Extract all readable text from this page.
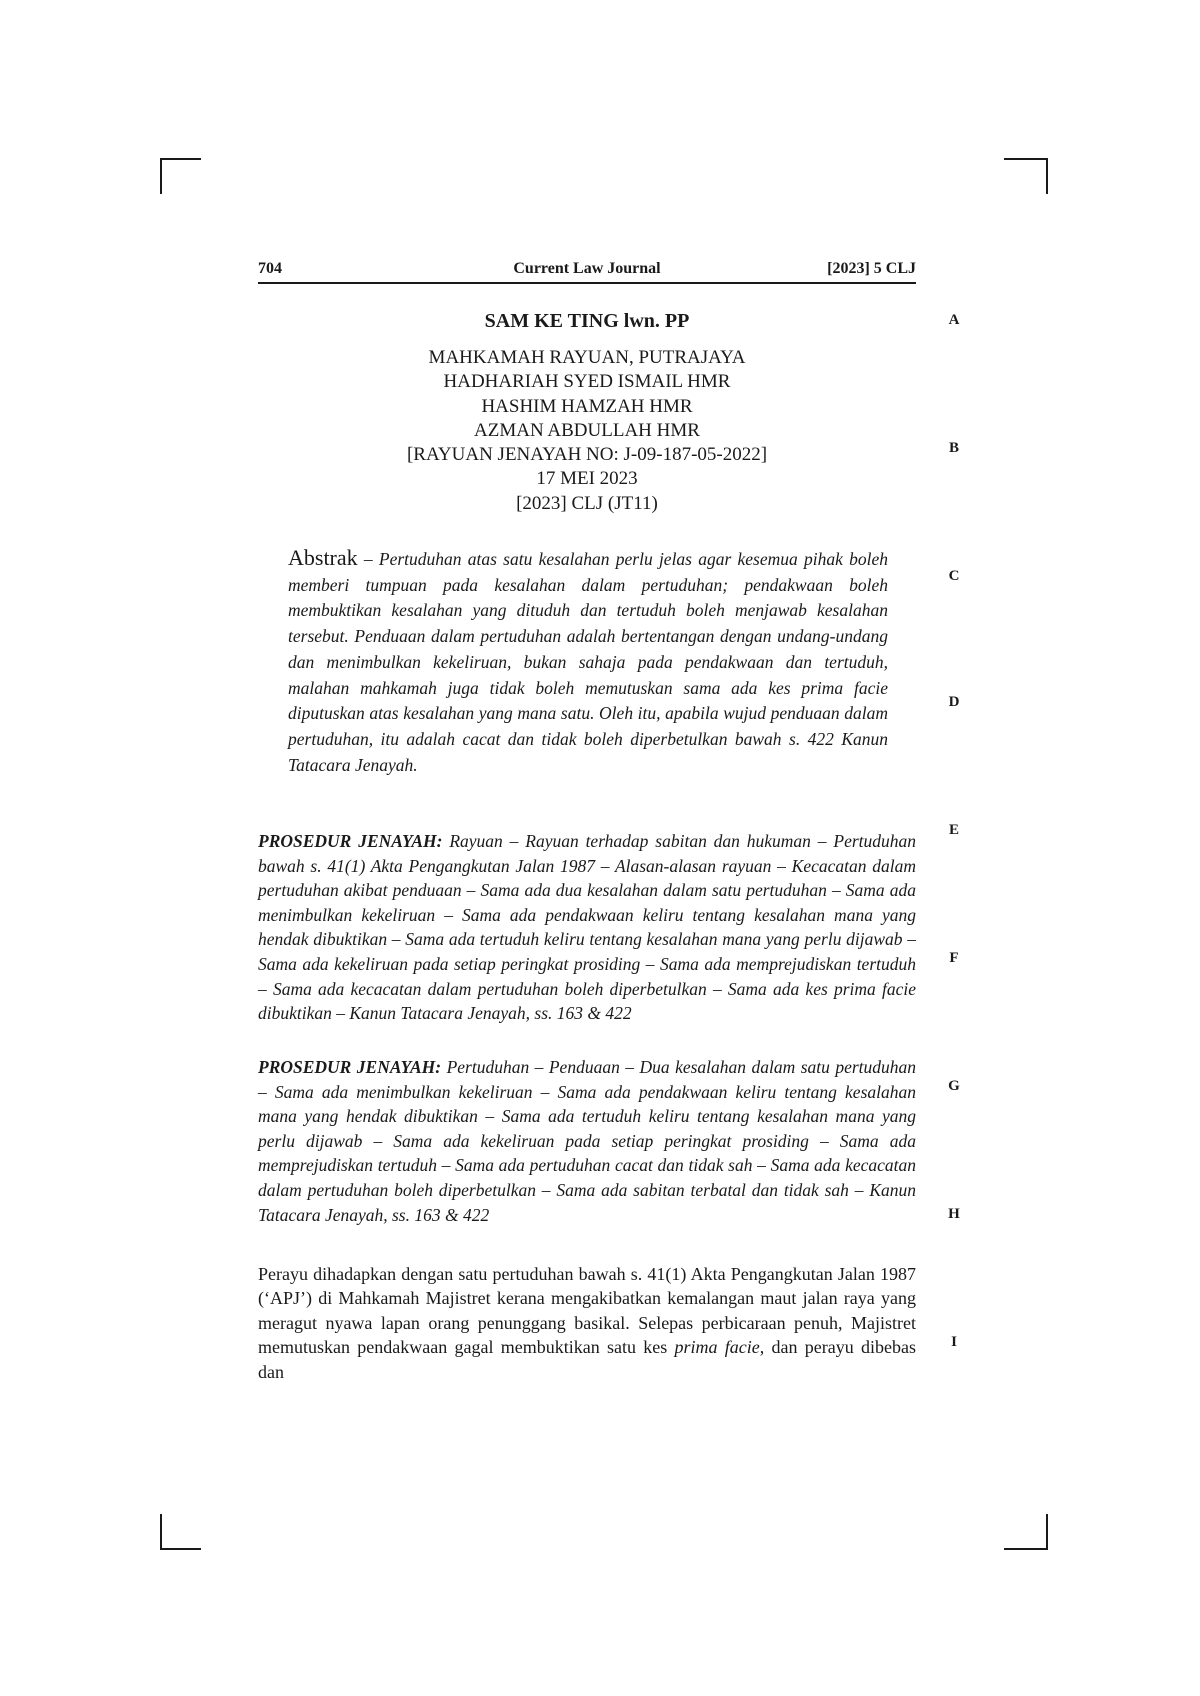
704	Current Law Journal	[2023] 5 CLJ
A
B
C
D
E
F
G
H
I
SAM KE TING lwn. PP
MAHKAMAH RAYUAN, PUTRAJAYA
HADHARIAH SYED ISMAIL HMR
HASHIM HAMZAH HMR
AZMAN ABDULLAH HMR
[RAYUAN JENAYAH NO: J-09-187-05-2022]
17 MEI 2023
[2023] CLJ (JT11)
Abstrak – Pertuduhan atas satu kesalahan perlu jelas agar kesemua pihak boleh memberi tumpuan pada kesalahan dalam pertuduhan; pendakwaan boleh membuktikan kesalahan yang dituduh dan tertuduh boleh menjawab kesalahan tersebut. Penduaan dalam pertuduhan adalah bertentangan dengan undang-undang dan menimbulkan kekeliruan, bukan sahaja pada pendakwaan dan tertuduh, malahan mahkamah juga tidak boleh memutuskan sama ada kes prima facie diputuskan atas kesalahan yang mana satu. Oleh itu, apabila wujud penduaan dalam pertuduhan, itu adalah cacat dan tidak boleh diperbetulkan bawah s. 422 Kanun Tatacara Jenayah.
PROSEDUR JENAYAH: Rayuan – Rayuan terhadap sabitan dan hukuman – Pertuduhan bawah s. 41(1) Akta Pengangkutan Jalan 1987 – Alasan-alasan rayuan – Kecacatan dalam pertuduhan akibat penduaan – Sama ada dua kesalahan dalam satu pertuduhan – Sama ada menimbulkan kekeliruan – Sama ada pendakwaan keliru tentang kesalahan mana yang hendak dibuktikan – Sama ada tertuduh keliru tentang kesalahan mana yang perlu dijawab – Sama ada kekeliruan pada setiap peringkat prosiding – Sama ada memprejudiskan tertuduh – Sama ada kecacatan dalam pertuduhan boleh diperbetulkan – Sama ada kes prima facie dibuktikan – Kanun Tatacara Jenayah, ss. 163 & 422
PROSEDUR JENAYAH: Pertuduhan – Penduaan – Dua kesalahan dalam satu pertuduhan – Sama ada menimbulkan kekeliruan – Sama ada pendakwaan keliru tentang kesalahan mana yang hendak dibuktikan – Sama ada tertuduh keliru tentang kesalahan mana yang perlu dijawab – Sama ada kekeliruan pada setiap peringkat prosiding – Sama ada memprejudiskan tertuduh – Sama ada pertuduhan cacat dan tidak sah – Sama ada kecacatan dalam pertuduhan boleh diperbetulkan – Sama ada sabitan terbatal dan tidak sah – Kanun Tatacara Jenayah, ss. 163 & 422
Perayu dihadapkan dengan satu pertuduhan bawah s. 41(1) Akta Pengangkutan Jalan 1987 (‘APJ’) di Mahkamah Majistret kerana mengakibatkan kemalangan maut jalan raya yang meragut nyawa lapan orang penunggang basikal. Selepas perbicaraan penuh, Majistret memutuskan pendakwaan gagal membuktikan satu kes prima facie, dan perayu dibebas dan
